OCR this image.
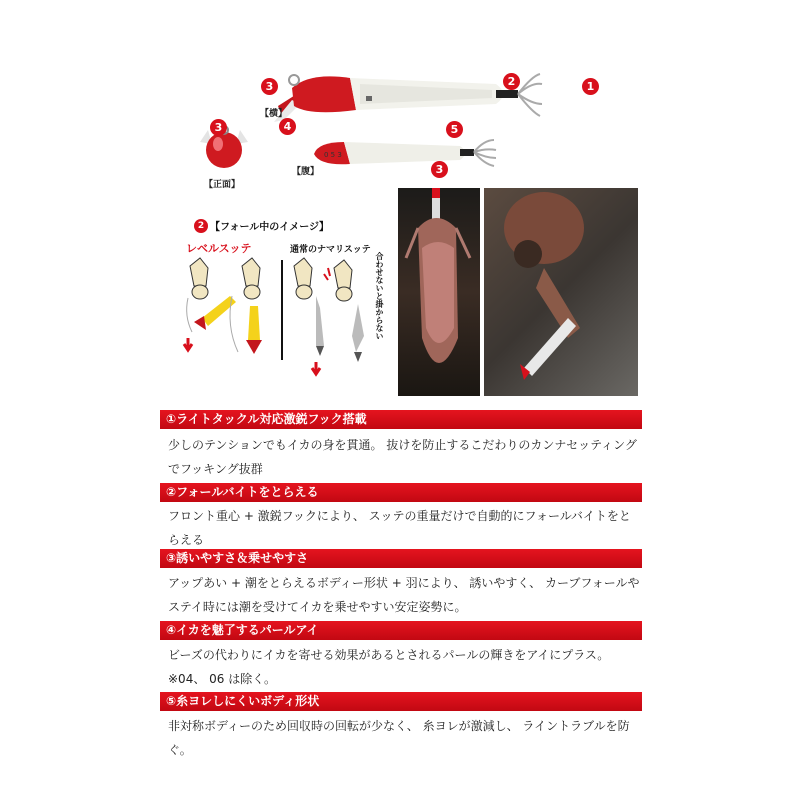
3	2	1
4	5
【横】
3
【正面】
0 5 3
3
【腹】
2 【フォール中のイメージ】
レベルスッテ	通常のナマリスッテ
合わせないと掛からない
①ライトタックル対応激鋭フック搭載
少しのテンションでもイカの身を貫通。 抜けを防止するこだわりのカンナセッティングでフッキング抜群
②フォールバイトをとらえる
フロント重心 + 激鋭フックにより、 スッテの重量だけで自動的にフォールバイトをとらえる
③誘いやすさ＆乗せやすさ
アップあい + 潮をとらえるボディー形状 + 羽により、 誘いやすく、 カーブフォールやステイ時には潮を受けてイカを乗せやすい安定姿勢に。
④イカを魅了するパールアイ
ビーズの代わりにイカを寄せる効果があるとされるパールの輝きをアイにプラス。※04、 06 は除く。
⑤糸ヨレしにくいボディ形状
非対称ボディーのため回収時の回転が少なく、 糸ヨレが激減し、 ライントラブルを防ぐ。
